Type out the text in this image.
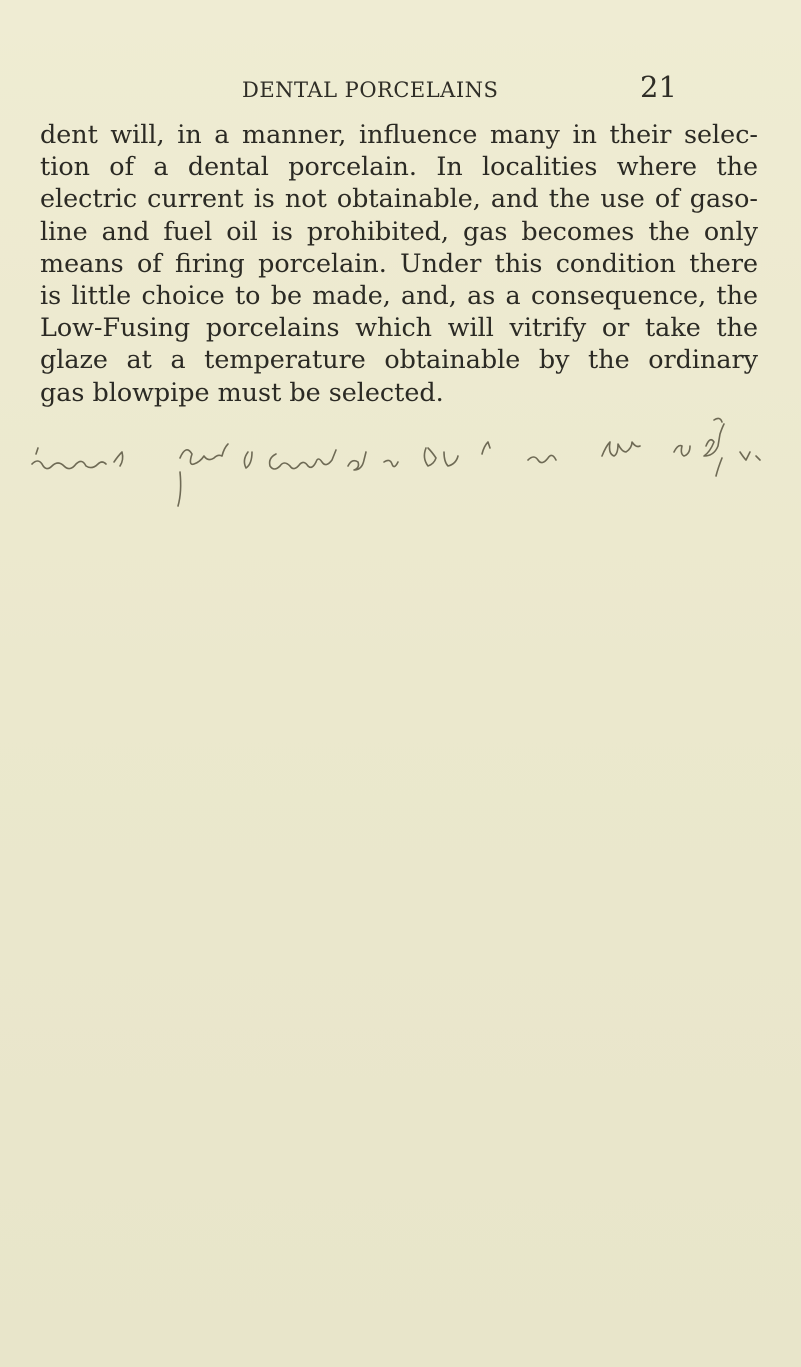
DENTAL PORCELAINS	21
dent will, in a manner, influence many in their selec-
tion of a dental porcelain. In localities where the
electric current is not obtainable, and the use of gaso-
line and fuel oil is prohibited, gas becomes the only
means of firing porcelain. Under this condition there
is little choice to be made, and, as a consequence, the
Low-Fusing porcelains which will vitrify or take the
glaze at a temperature obtainable by the ordinary
gas blowpipe must be selected.
